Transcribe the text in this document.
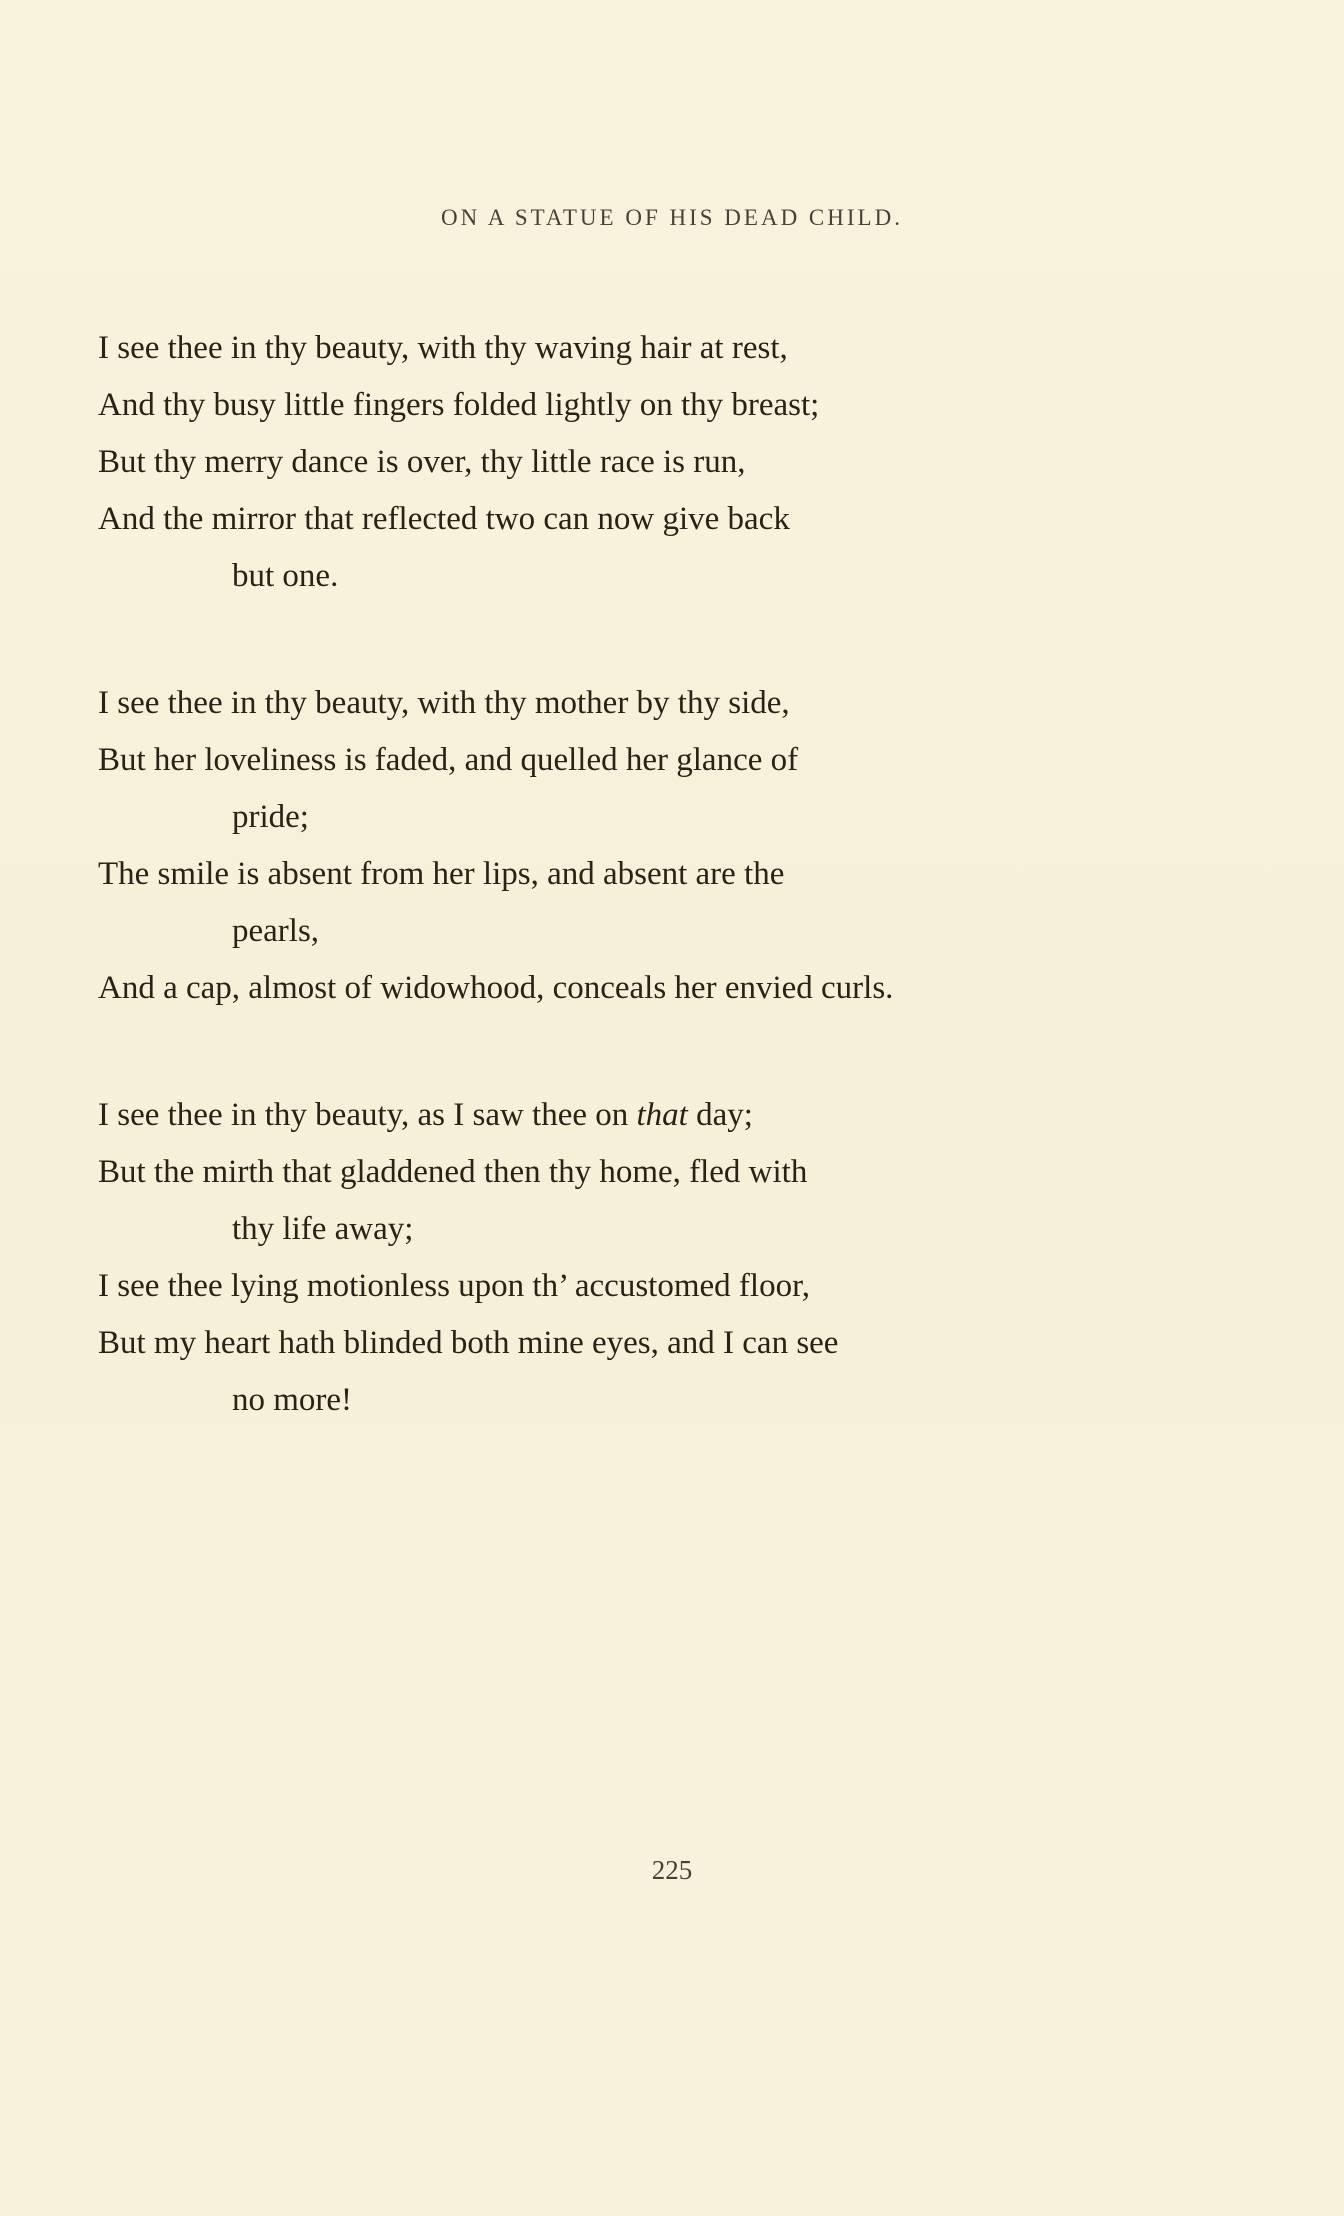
ON A STATUE OF HIS DEAD CHILD.
I see thee in thy beauty, with thy waving hair at rest,
And thy busy little fingers folded lightly on thy breast;
But thy merry dance is over, thy little race is run,
And the mirror that reflected two can now give back
but one.
I see thee in thy beauty, with thy mother by thy side,
But her loveliness is faded, and quelled her glance of
pride;
The smile is absent from her lips, and absent are the
pearls,
And a cap, almost of widowhood, conceals her envied curls.
I see thee in thy beauty, as I saw thee on that day;
But the mirth that gladdened then thy home, fled with
thy life away;
I see thee lying motionless upon th’ accustomed floor,
But my heart hath blinded both mine eyes, and I can see
no more!
225
